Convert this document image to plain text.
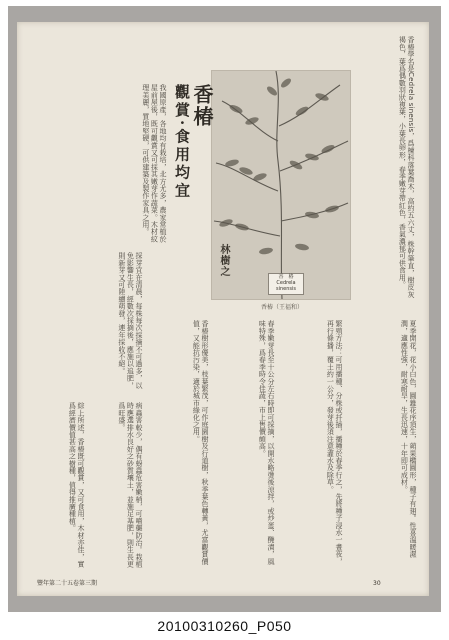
香椿學名是Cedrela sinensis，爲楝科落葉喬木，高約五六丈，株幹筆直，樹皮灰褐色，葉爲偶數羽狀複葉，小葉長卵形，春季嫩芽帶紅色，香氣濃郁可供食用。
香　椿
Cedrela sinensis
香椿（王福和）
香椿
觀賞·食用均宜
林樹之
我國原產，各地均有栽培，北方尤多，農家常植於屋前屋後，既可觀賞又可採其嫩芽作蔬菜。木材紋理美麗，質地堅硬，可供建築及製作家具之用。
夏季開花，花小白色，圓錐花序頂生，蒴果橢圓形，種子有翅。性喜溫暖濕潤，適應性強，耐寒耐旱，生長迅速，十年即可成材。
繁殖方法：可用播種、分株或扦插，播種於春季行之，先將種子浸水一晝夜，再行條播，覆土約一公分，發芽後須注意灌水及除草。
春季嫩芽長至十公分左右時即可採摘，以開水略燙後涼拌，或炒蛋、醃漬，風味特殊，爲春季時令佳蔬，市上售價頗高。
香椿樹形優美，枝葉繁茂，可作庭園樹及行道樹，秋季葉色轉黃，尤富觀賞價值，又能抗污染，適於城市綠化之用。
採芽宜在清晨，每株每次採摘不可過多，以免影響生長，經數次採摘後，應施以追肥，則新芽又可陸續萌發，連年採收不絕。
病蟲害較少，偶有蚜蟲危害嫩梢，可噴藥防治。栽植時應選排水良好之砂質壤土，並施足基肥，則生長更爲旺盛。
綜上所述，香椿既可觀賞，又可食用，木材亦佳，實爲經濟價值甚高之樹種，值得推廣種植。
30
豐年第二十五卷第三期
20100310260_P050
